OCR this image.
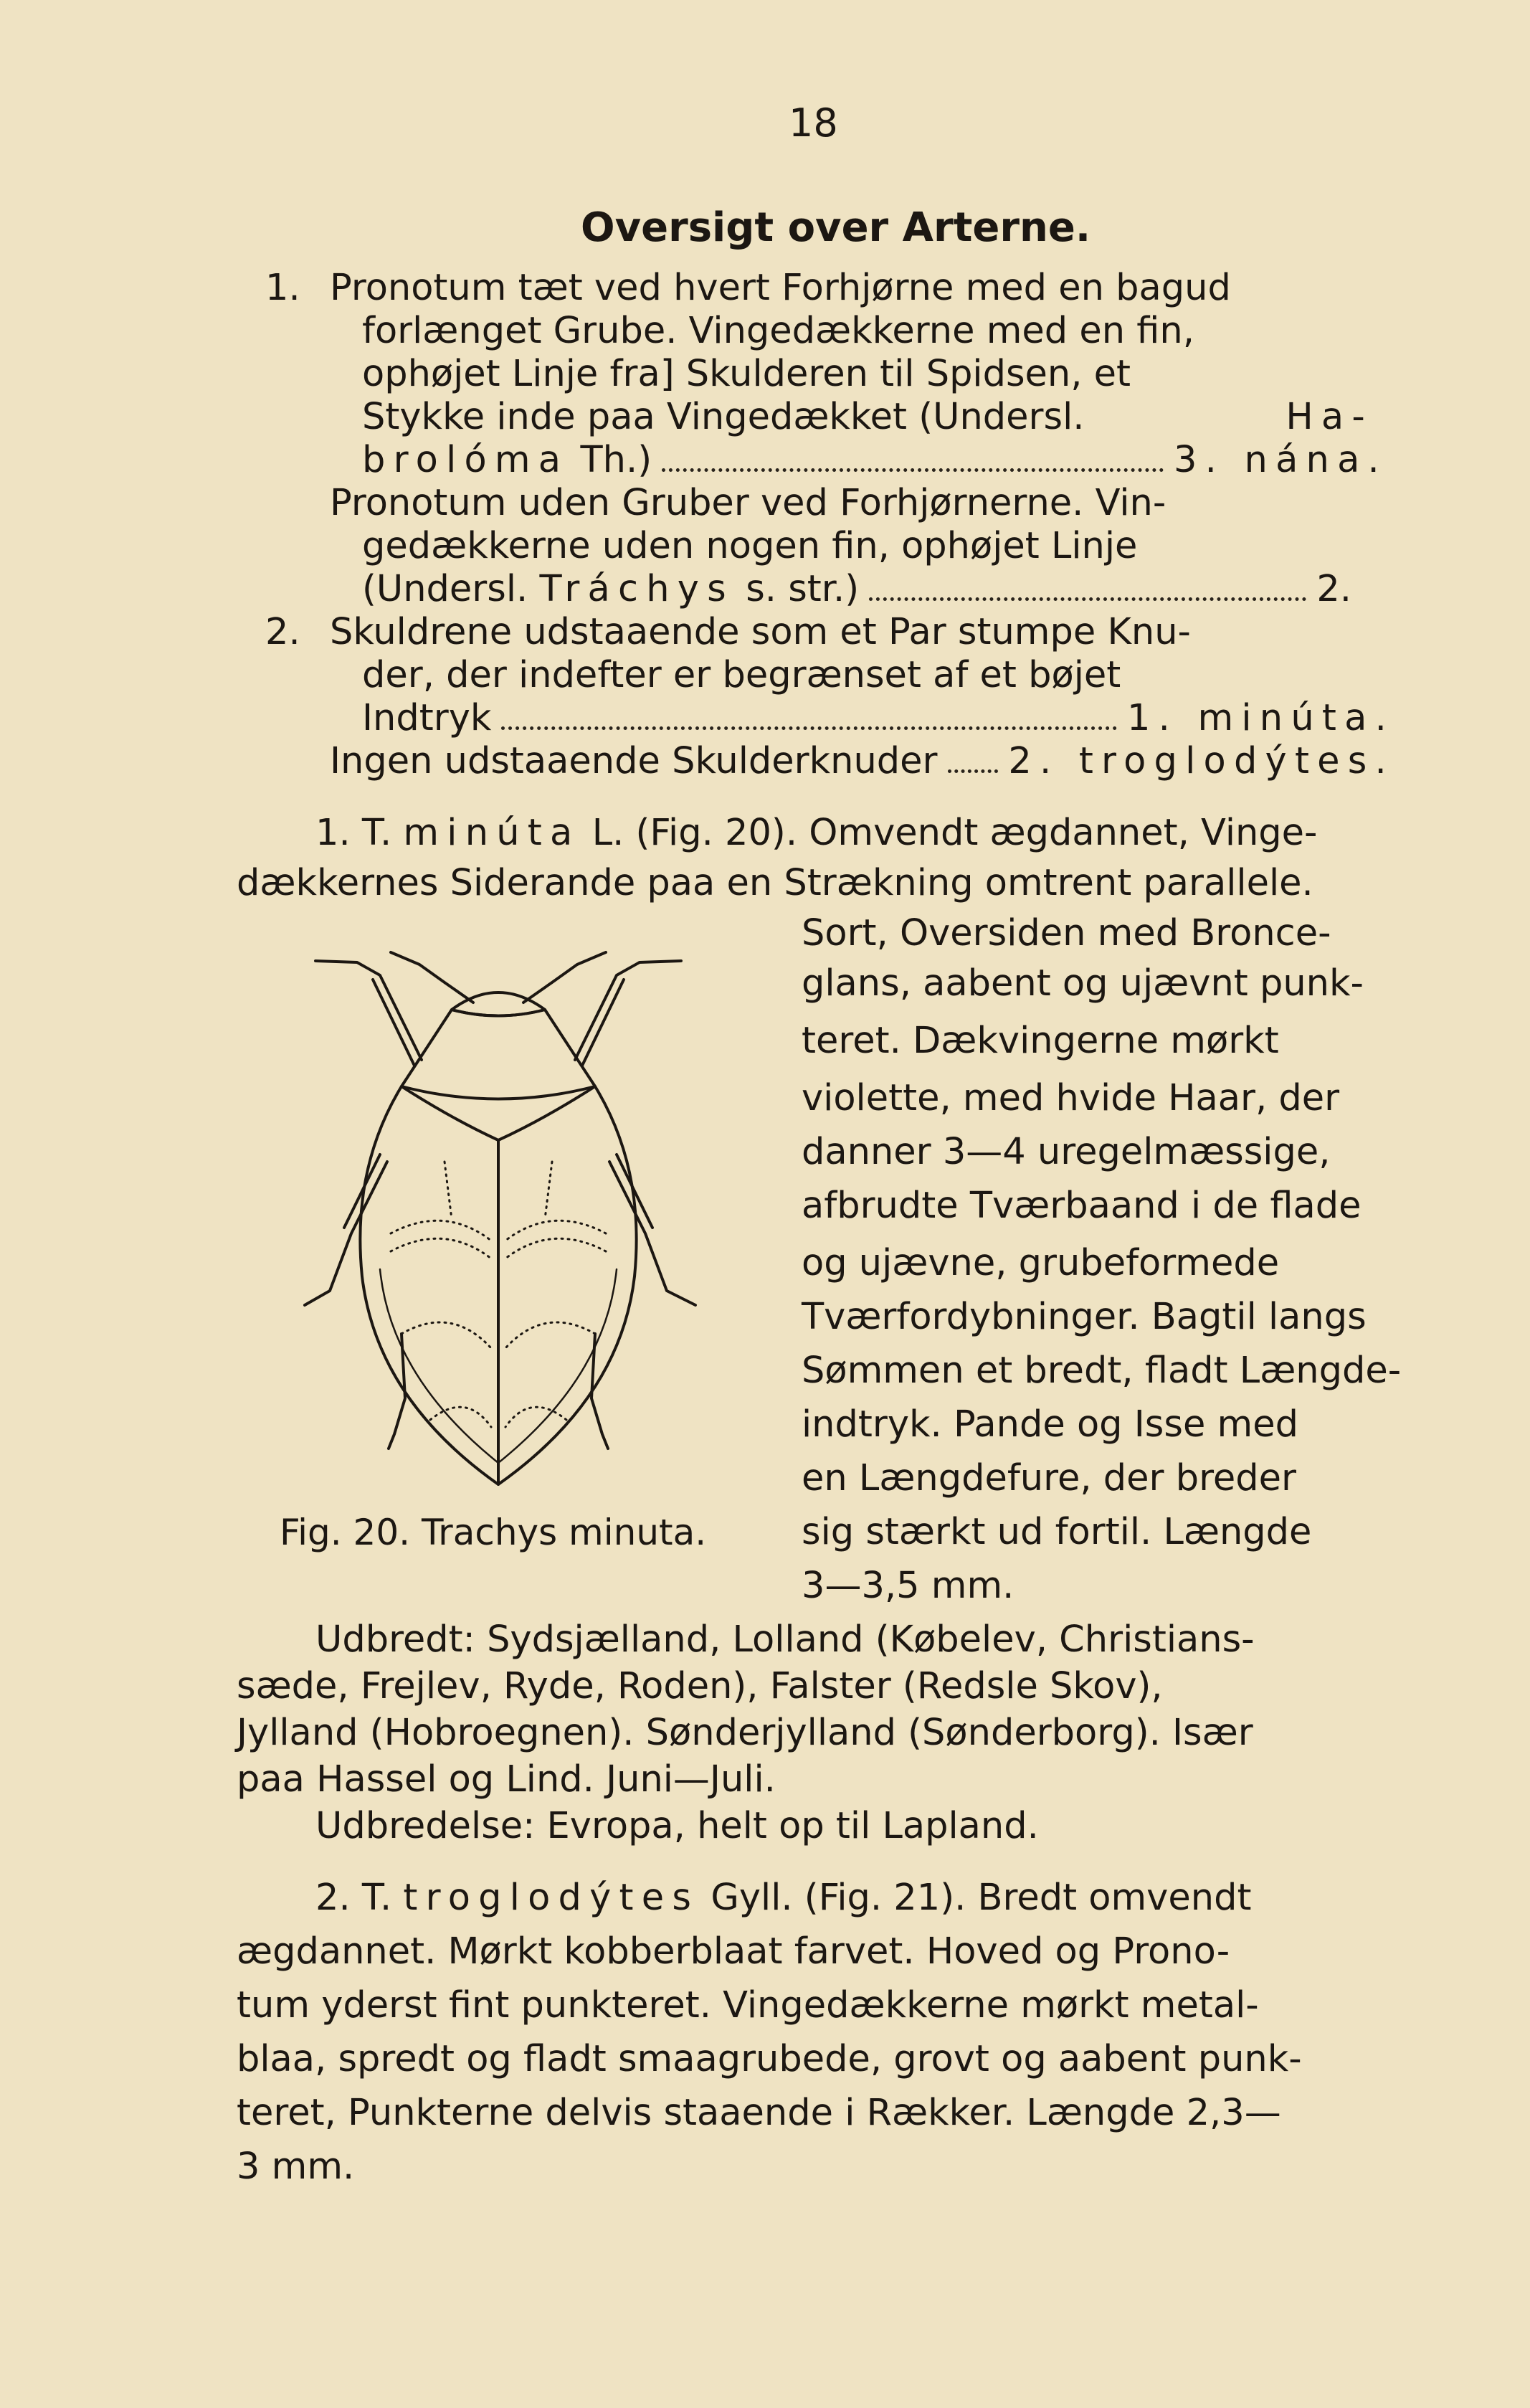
18
Oversigt over Arterne.
1. Pronotum tæt ved hvert Forhjørne med en bagud
forlænget Grube. Vingedækkerne med en fin,
ophøjet Linje fra] Skulderen til Spidsen, et
Stykke inde paa Vingedækket (Undersl.	Ha-
brolóma Th.)	3. nána.
Pronotum uden Gruber ved Forhjørnerne. Vin-
gedækkerne uden nogen fin, ophøjet Linje
(Undersl. Tráchys s. str.)	2.
2. Skuldrene udstaaende som et Par stumpe Knu-
der, der indefter er begrænset af et bøjet
Indtryk	1. minúta.
Ingen udstaaende Skulderknuder 2. troglodýtes.
1. T. minúta L. (Fig. 20). Omvendt ægdannet, Vinge-
dækkernes Siderande paa en Strækning omtrent parallele.
Sort, Oversiden med Bronce-
glans, aabent og ujævnt punk-
teret. Dækvingerne mørkt
violette, med hvide Haar, der
danner 3—4 uregelmæssige,
afbrudte Tværbaand i de flade
og ujævne, grubeformede
Tværfordybninger. Bagtil langs
Sømmen et bredt, fladt Længde-
indtryk. Pande og Isse med
en Længdefure, der breder
sig stærkt ud fortil. Længde
3—3,5 mm.
Fig. 20. Trachys minuta.
Udbredt: Sydsjælland, Lolland (Købelev, Christians-
sæde, Frejlev, Ryde, Roden), Falster (Redsle Skov),
Jylland (Hobroegnen). Sønderjylland (Sønderborg). Især
paa Hassel og Lind. Juni—Juli.
Udbredelse: Evropa, helt op til Lapland.
2. T. troglodýtes Gyll. (Fig. 21). Bredt omvendt
ægdannet. Mørkt kobberblaat farvet. Hoved og Prono-
tum yderst fint punkteret. Vingedækkerne mørkt metal-
blaa, spredt og fladt smaagrubede, grovt og aabent punk-
teret, Punkterne delvis staaende i Rækker. Længde 2,3—
3 mm.
